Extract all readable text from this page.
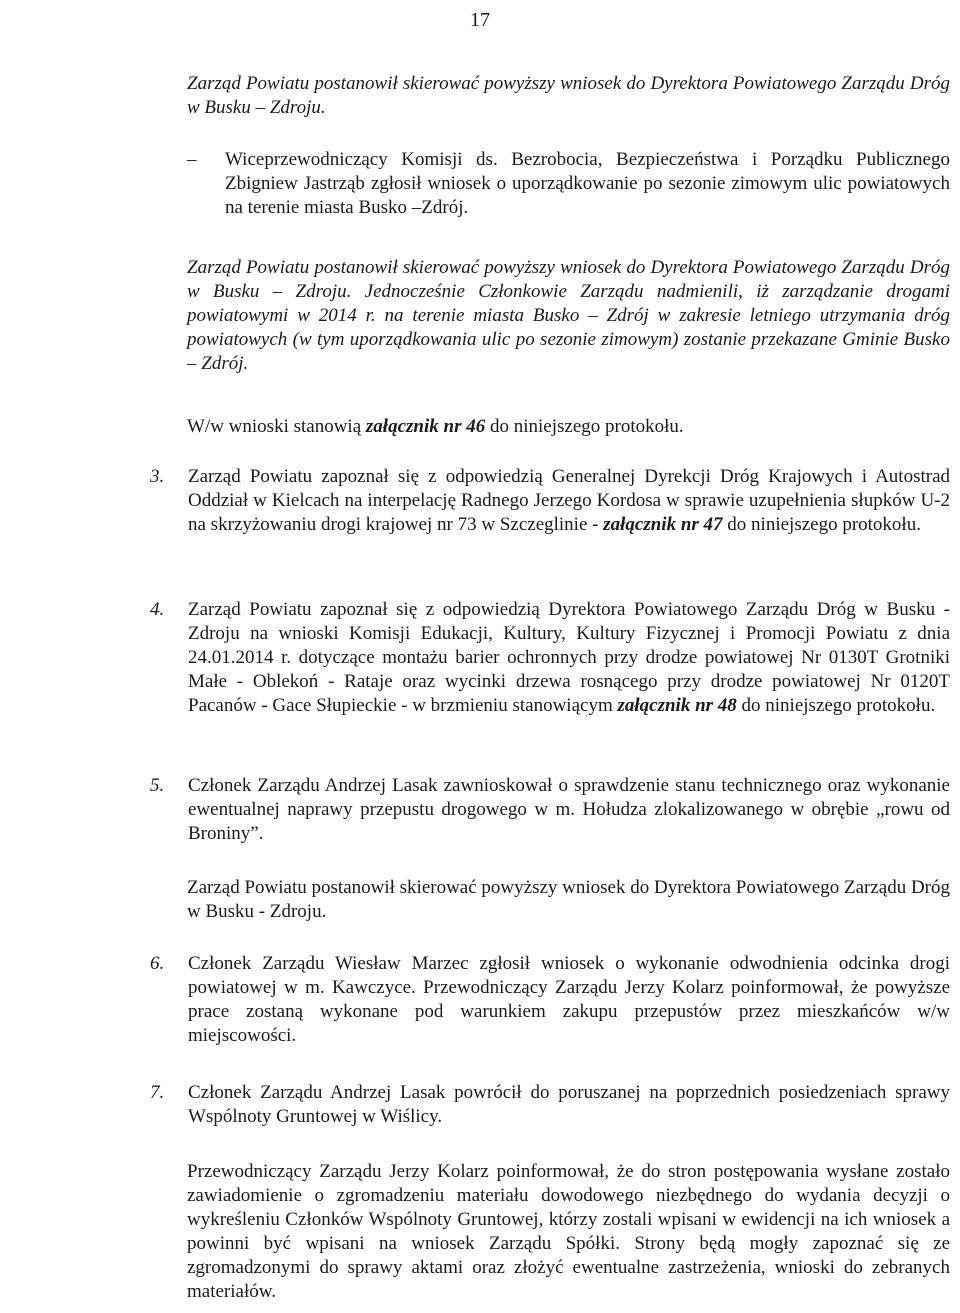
17

Zarząd Powiatu postanowił skierować powyższy wniosek do Dyrektora Powiatowego Zarządu Dróg w Busku – Zdroju.

– Wiceprzewodniczący Komisji ds. Bezrobocia, Bezpieczeństwa i Porządku Publicznego Zbigniew Jastrząb zgłosił wniosek o uporządkowanie po sezonie zimowym ulic powiatowych na terenie miasta Busko –Zdrój.

Zarząd Powiatu postanowił skierować powyższy wniosek do Dyrektora Powiatowego Zarządu Dróg w Busku – Zdroju. Jednocześnie Członkowie Zarządu nadmienili, iż zarządzanie drogami powiatowymi w 2014 r. na terenie miasta Busko – Zdrój w zakresie letniego utrzymania dróg powiatowych (w tym uporządkowania ulic po sezonie zimowym) zostanie przekazane Gminie Busko – Zdrój.

W/w wnioski stanowią załącznik nr 46 do niniejszego protokołu.

3.	Zarząd Powiatu zapoznał się z odpowiedzią Generalnej Dyrekcji Dróg Krajowych i Autostrad Oddział w Kielcach na interpelację Radnego Jerzego Kordosa w sprawie uzupełnienia słupków U-2 na skrzyżowaniu drogi krajowej nr 73 w Szczeglinie - załącznik nr 47 do niniejszego protokołu.
4.	Zarząd Powiatu zapoznał się z odpowiedzią Dyrektora Powiatowego Zarządu Dróg w Busku - Zdroju na wnioski Komisji Edukacji, Kultury, Kultury Fizycznej i Promocji Powiatu z dnia 24.01.2014 r. dotyczące montażu barier ochronnych przy drodze powiatowej Nr 0130T Grotniki Małe - Oblekoń - Rataje oraz wycinki drzewa rosnącego przy drodze powiatowej Nr 0120T Pacanów - Gace Słupieckie - w brzmieniu stanowiącym załącznik nr 48 do niniejszego protokołu.
5.	Członek Zarządu Andrzej Lasak zawnioskował o sprawdzenie stanu technicznego oraz wykonanie ewentualnej naprawy przepustu drogowego w m. Hołudza zlokalizowanego w obrębie „rowu od Broniny”.

Zarząd Powiatu postanowił skierować powyższy wniosek do Dyrektora Powiatowego Zarządu Dróg w Busku - Zdroju.

6.	Członek Zarządu Wiesław Marzec zgłosił wniosek o wykonanie odwodnienia odcinka drogi powiatowej w m. Kawczyce. Przewodniczący Zarządu Jerzy Kolarz poinformował, że powyższe prace zostaną wykonane pod warunkiem zakupu przepustów przez mieszkańców w/w miejscowości.
7.	Członek Zarządu Andrzej Lasak powrócił do poruszanej na poprzednich posiedzeniach sprawy Wspólnoty Gruntowej w Wiślicy.

Przewodniczący Zarządu Jerzy Kolarz poinformował, że do stron postępowania wysłane zostało zawiadomienie o zgromadzeniu materiału dowodowego niezbędnego do wydania decyzji o wykreśleniu Członków Wspólnoty Gruntowej, którzy zostali wpisani w ewidencji na ich wniosek a powinni być wpisani na wniosek Zarządu Spółki. Strony będą mogły zapoznać się ze zgromadzonymi do sprawy aktami oraz złożyć ewentualne zastrzeżenia, wnioski do zebranych materiałów.
